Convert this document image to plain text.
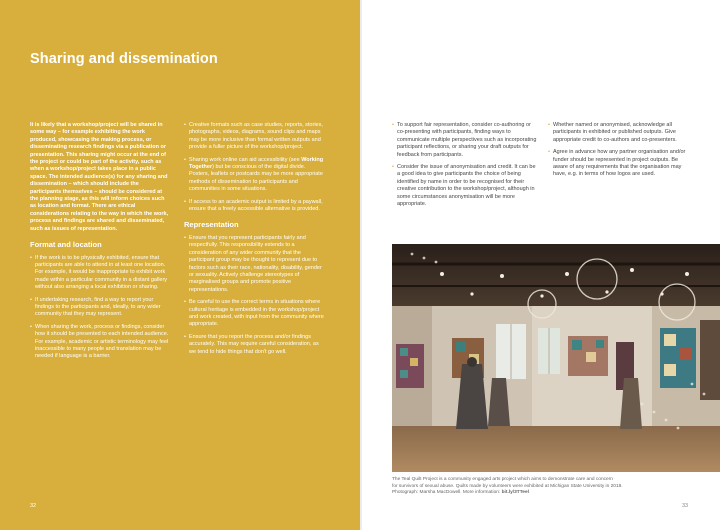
Sharing and dissemination

It is likely that a workshop/project will be shared in some way – for example exhibiting the work produced, showcasing the making process, or disseminating research findings via a publication or presentation. This sharing might occur at the end of the project or could be part of the activity, such as when a workshop/project takes place in a public space. The intended audience(s) for any sharing and dissemination – which should include the participants themselves – should be considered at the planning stage, as this will inform choices such as location and format. There are ethical considerations relating to the way in which the work, process and findings are shared and disseminated, such as issues of representation.

Format and location
• If the work is to be physically exhibited, ensure that participants are able to attend in at least one location. For example, it would be inappropriate to exhibit work made within a particular community in a distant gallery without also arranging a local exhibition or sharing.
• If undertaking research, find a way to report your findings to the participants and, ideally, to any wider community that they may represent.
• When sharing the work, process or findings, consider how it should be presented to each intended audience. For example, academic or artistic terminology may feel inaccessible to many people and translation may be needed if language is a barrier.
• Creative formats such as case studies, reports, stories, photographs, videos, diagrams, sound clips and maps may be more inclusive than formal written outputs and provide a fuller picture of the workshop/project.
• Sharing work online can aid accessibility (see Working Together) but be conscious of the digital divide. Posters, leaflets or postcards may be more appropriate methods of dissemination to participants and communities in some situations.
• If access to an academic output is limited by a paywall, ensure that a freely accessible alternative is provided.
Representation
• Ensure that you represent participants fairly and respectfully. This responsibility extends to a consideration of any wider community that the participant group may be thought to represent due to factors such as their race, nationality, disability, gender or sexuality. Actively challenge stereotypes of marginalised groups and promote positive representations.
• Be careful to use the correct terms in situations where cultural heritage is embedded in the workshop/project and work created, with input from the community where appropriate.
• Ensure that you report the process and/or findings accurately. This may require careful consideration, as we tend to hide things that don't go well.
• To support fair representation, consider co-authoring or co-presenting with participants, finding ways to communicate multiple perspectives such as incorporating participant reflections, or sharing your draft outputs for feedback from participants.
• Consider the issue of anonymisation and credit. It can be a good idea to give participants the choice of being identified by name in order to be recognised for their creative contribution to the workshop/project, although in some circumstances anonymisation will be more appropriate.
• Whether named or anonymised, acknowledge all participants in exhibited or published outputs. Give appropriate credit to co-authors and co-presenters.
• Agree in advance how any partner organisation and/or funder should be represented in project outputs. Be aware of any requirements that the organisation may have, e.g. in terms of how logos are used.
The Teal Quilt Project is a community engaged arts project which aims to demonstrate care and concern
for survivors of sexual abuse. Quilts made by volunteers were exhibited at Michigan State University in 2018.
Photograph: Marsha MacDowell. More information: bit.ly/3TTeel
32	33
